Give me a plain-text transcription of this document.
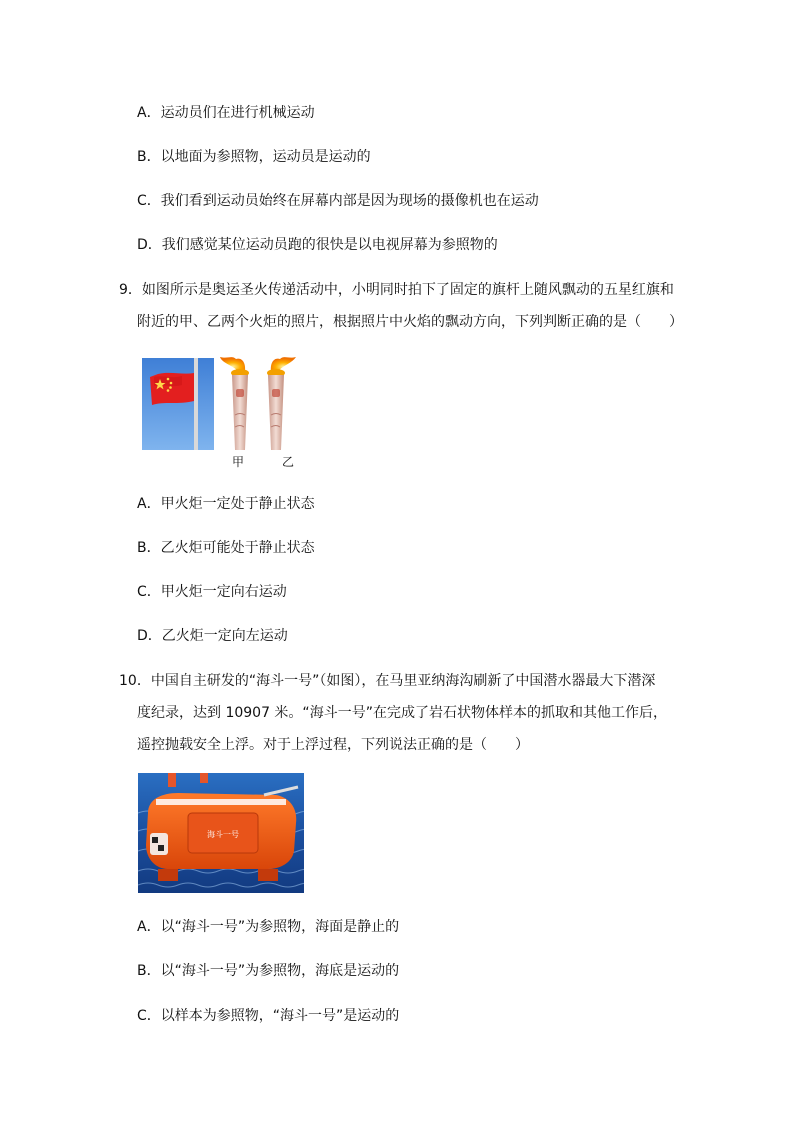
A．运动员们在进行机械运动
B．以地面为参照物，运动员是运动的
C．我们看到运动员始终在屏幕内部是因为现场的摄像机也在运动
D．我们感觉某位运动员跑的很快是以电视屏幕为参照物的
9．如图所示是奥运圣火传递活动中，小明同时拍下了固定的旗杆上随风飘动的五星红旗和
附近的甲、乙两个火炬的照片，根据照片中火焰的飘动方向，下列判断正确的是（　　）
甲	乙
A．甲火炬一定处于静止状态
B．乙火炬可能处于静止状态
C．甲火炬一定向右运动
D．乙火炬一定向左运动
10．中国自主研发的“海斗一号”（如图），在马里亚纳海沟刷新了中国潜水器最大下潜深
度纪录，达到 10907 米。“海斗一号”在完成了岩石状物体样本的抓取和其他工作后，
遥控抛载安全上浮。对于上浮过程，下列说法正确的是（　　）
海斗一号
A．以“海斗一号”为参照物，海面是静止的
B．以“海斗一号”为参照物，海底是运动的
C．以样本为参照物，“海斗一号”是运动的
